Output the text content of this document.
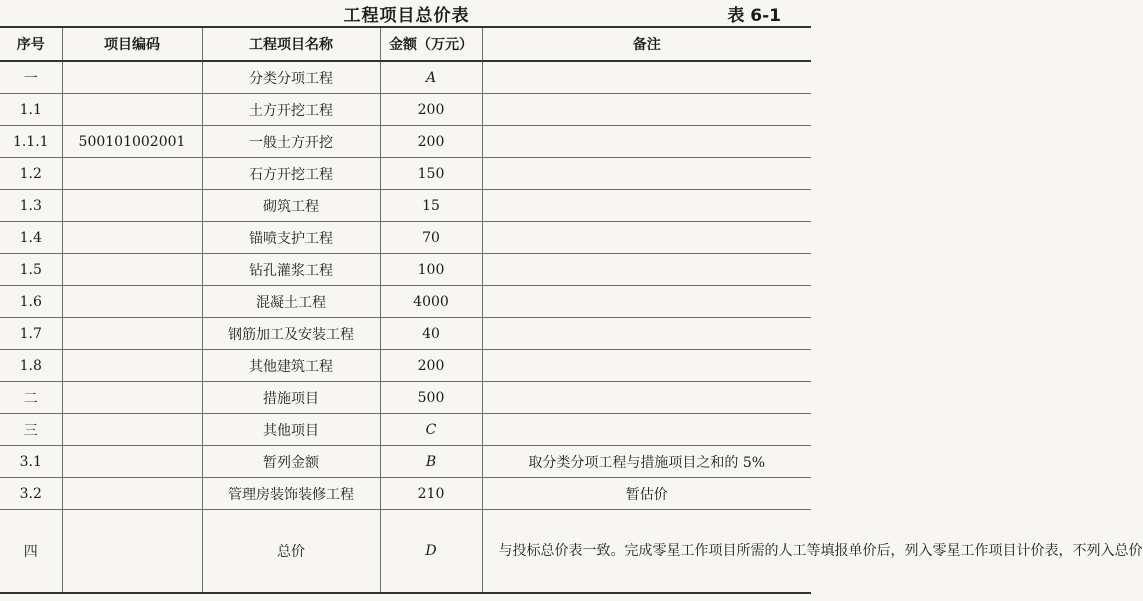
工程项目总价表	表 6-1
序号	项目编码	工程项目名称	金额（万元）	备注
一		分类分项工程	A	
1.1		土方开挖工程	200	
1.1.1	500101002001	一般土方开挖	200	
1.2		石方开挖工程	150	
1.3		砌筑工程	15	
1.4		锚喷支护工程	70	
1.5		钻孔灌浆工程	100	
1.6		混凝土工程	4000	
1.7		钢筋加工及安装工程	40	
1.8		其他建筑工程	200	
二		措施项目	500	
三		其他项目	C	
3.1		暂列金额	B	取分类分项工程与措施项目之和的 5%
3.2		管理房装饰装修工程	210	暂估价
四		总价	D	与投标总价表一致。完成零星工作项目所需的人工等填报单价后，列入零星工作项目计价表，不列入总价
